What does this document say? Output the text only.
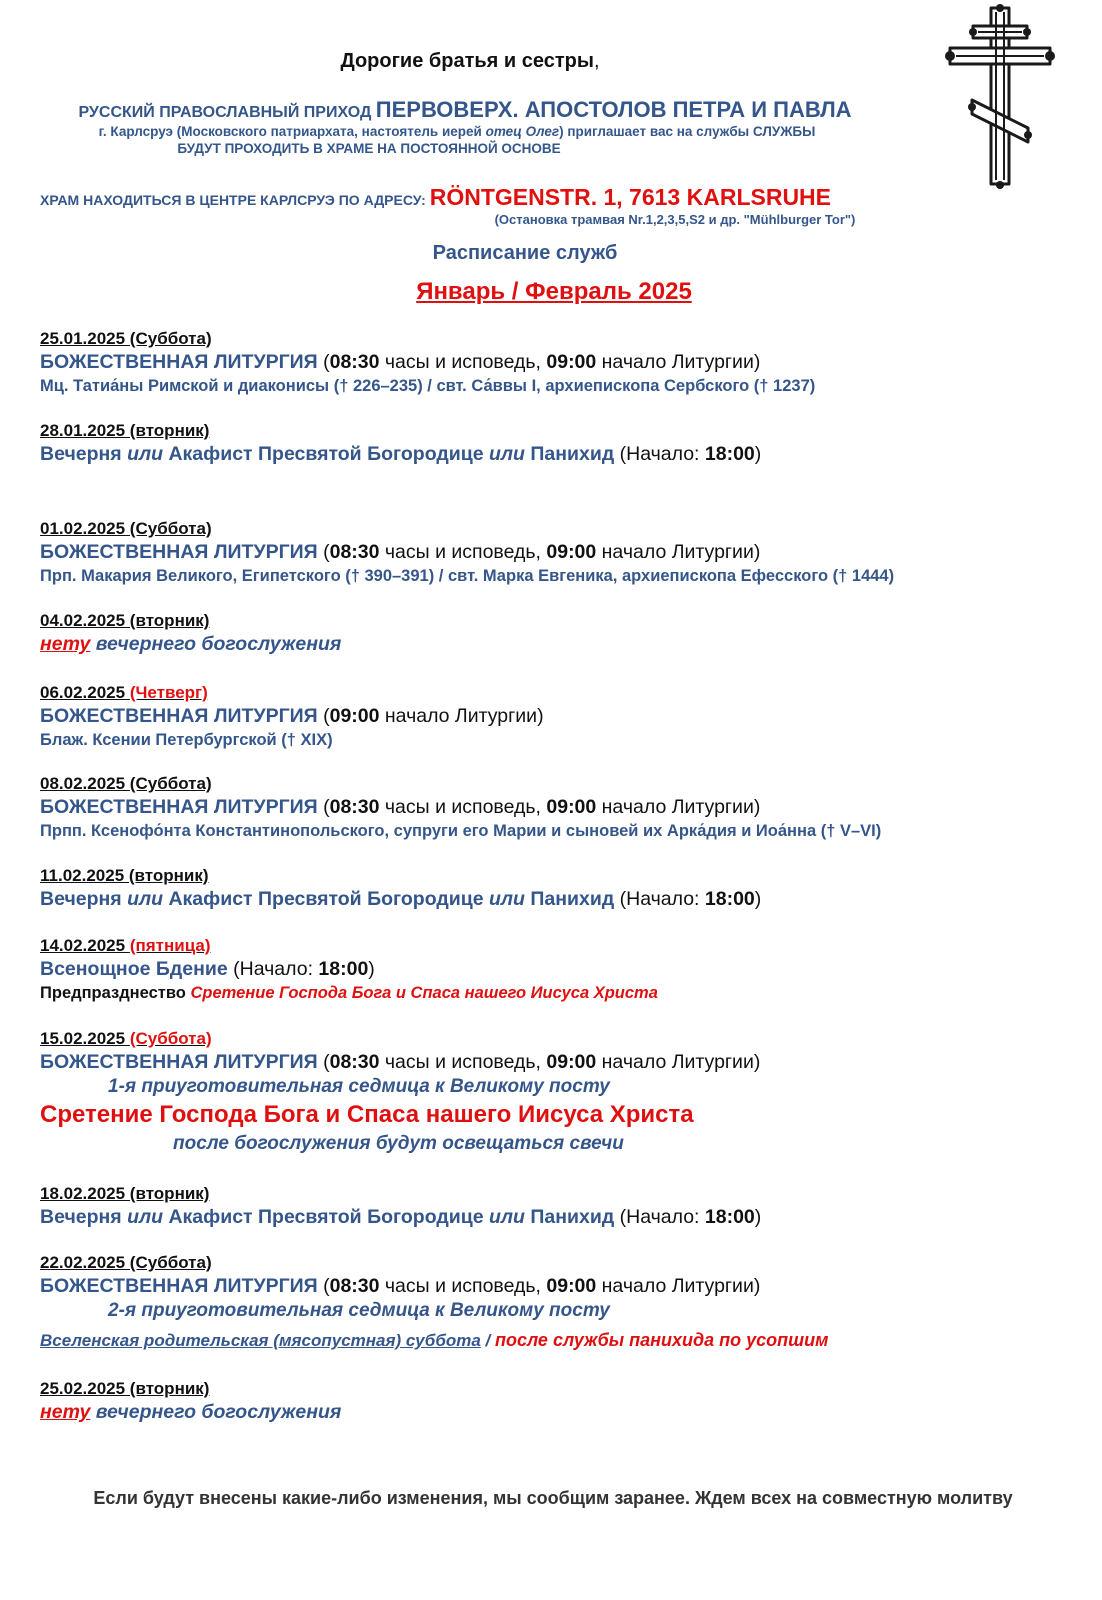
Дорогие братья и сестры,
РУССКИЙ ПРАВОСЛАВНЫЙ ПРИХОД ПЕРВОВЕРХ. АПОСТОЛОВ ПЕТРА И ПАВЛА
г. Карлсруэ (Московского патриархата, настоятель иерей отец Олег) приглашает вас на службы СЛУЖБЫ
БУДУТ ПРОХОДИТЬ В ХРАМЕ НА ПОСТОЯННОЙ ОСНОВЕ
ХРАМ НАХОДИТЬСЯ В ЦЕНТРЕ КАРЛСРУЭ ПО АДРЕСУ: RÖNTGENSTR. 1, 7613 KARLSRUHE
(Остановка трамвая Nr.1,2,3,5,S2 и др. "Mühlburger Tor")
Расписание служб
Январь / Февраль 2025
25.01.2025 (Суббота)
БОЖЕСТВЕННАЯ ЛИТУРГИЯ (08:30 часы и исповедь, 09:00 начало Литургии)
Мц. Татиа́ны Римской и диаконисы († 226–235) / свт. Са́ввы I, архиепископа Сербского († 1237)
28.01.2025 (вторник)
Вечерня или Акафист Пресвятой Богородице или Панихид (Начало: 18:00)
01.02.2025 (Суббота)
БОЖЕСТВЕННАЯ ЛИТУРГИЯ (08:30 часы и исповедь, 09:00 начало Литургии)
Прп. Макария Великого, Египетского († 390–391) / свт. Марка Евгеника, архиепископа Ефесского († 1444)
04.02.2025 (вторник)
нету вечернего богослужения
06.02.2025 (Четверг)
БОЖЕСТВЕННАЯ ЛИТУРГИЯ (09:00 начало Литургии)
Блаж. Ксении Петербургской († XIX)
08.02.2025 (Суббота)
БОЖЕСТВЕННАЯ ЛИТУРГИЯ (08:30 часы и исповедь, 09:00 начало Литургии)
Прпп. Ксенофо́нта Константинопольского, супруги его Марии и сыновей их Арка́дия и Иоа́нна († V–VI)
11.02.2025 (вторник)
Вечерня или Акафист Пресвятой Богородице или Панихид (Начало: 18:00)
14.02.2025 (пятница)
Всенощное Бдение (Начало: 18:00)
Предпразднество Сретение Господа Бога и Спаса нашего Иисуса Христа
15.02.2025 (Суббота)
БОЖЕСТВЕННАЯ ЛИТУРГИЯ (08:30 часы и исповедь, 09:00 начало Литургии)
1-я приуготовительная седмица к Великому посту
Сретение Господа Бога и Спаса нашего Иисуса Христа
после богослужения будут освещаться свечи
18.02.2025 (вторник)
Вечерня или Акафист Пресвятой Богородице или Панихид (Начало: 18:00)
22.02.2025 (Суббота)
БОЖЕСТВЕННАЯ ЛИТУРГИЯ (08:30 часы и исповедь, 09:00 начало Литургии)
2-я приуготовительная седмица к Великому посту
Вселенская родительская (мясопустная) суббота / после службы панихида по усопшим
25.02.2025 (вторник)
нету вечернего богослужения
Если будут внесены какие-либо изменения, мы сообщим заранее. Ждем всех на совместную молитву
